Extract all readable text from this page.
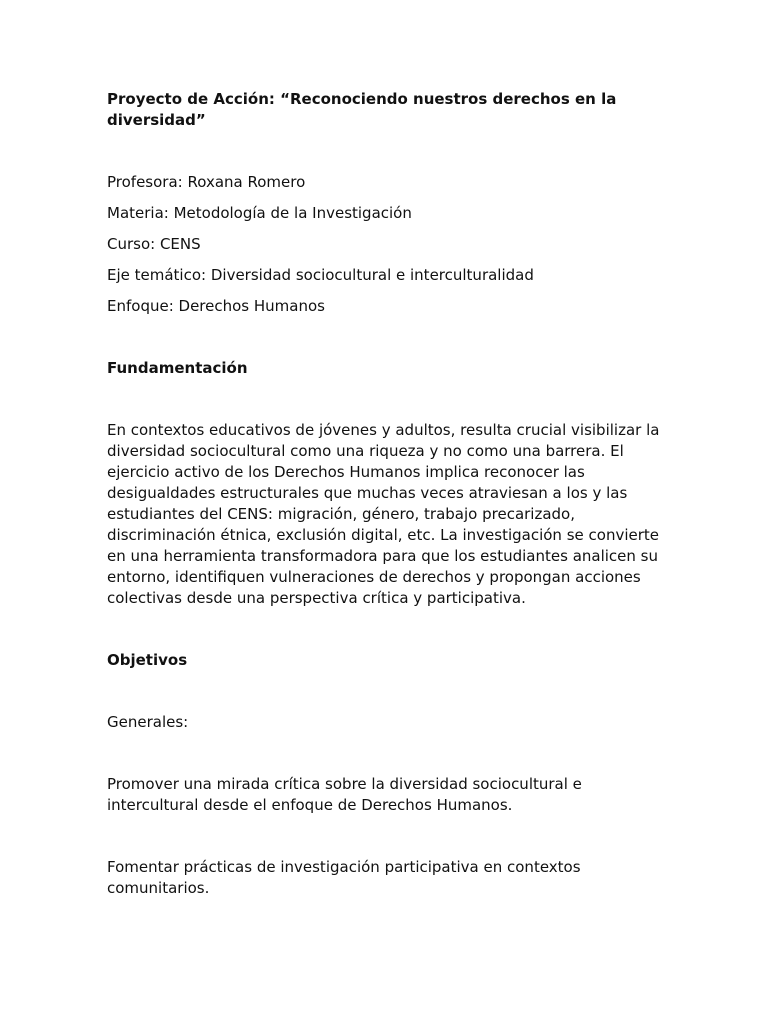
Proyecto de Acción: “Reconociendo nuestros derechos en la diversidad”

Profesora: Roxana Romero

Materia: Metodología de la Investigación

Curso: CENS

Eje temático: Diversidad sociocultural e interculturalidad

Enfoque: Derechos Humanos

Fundamentación

En contextos educativos de jóvenes y adultos, resulta crucial visibilizar la diversidad sociocultural como una riqueza y no como una barrera. El ejercicio activo de los Derechos Humanos implica reconocer las desigualdades estructurales que muchas veces atraviesan a los y las estudiantes del CENS: migración, género, trabajo precarizado, discriminación étnica, exclusión digital, etc. La investigación se convierte en una herramienta transformadora para que los estudiantes analicen su entorno, identifiquen vulneraciones de derechos y propongan acciones colectivas desde una perspectiva crítica y participativa.

Objetivos

Generales:

Promover una mirada crítica sobre la diversidad sociocultural e intercultural desde el enfoque de Derechos Humanos.

Fomentar prácticas de investigación participativa en contextos comunitarios.
